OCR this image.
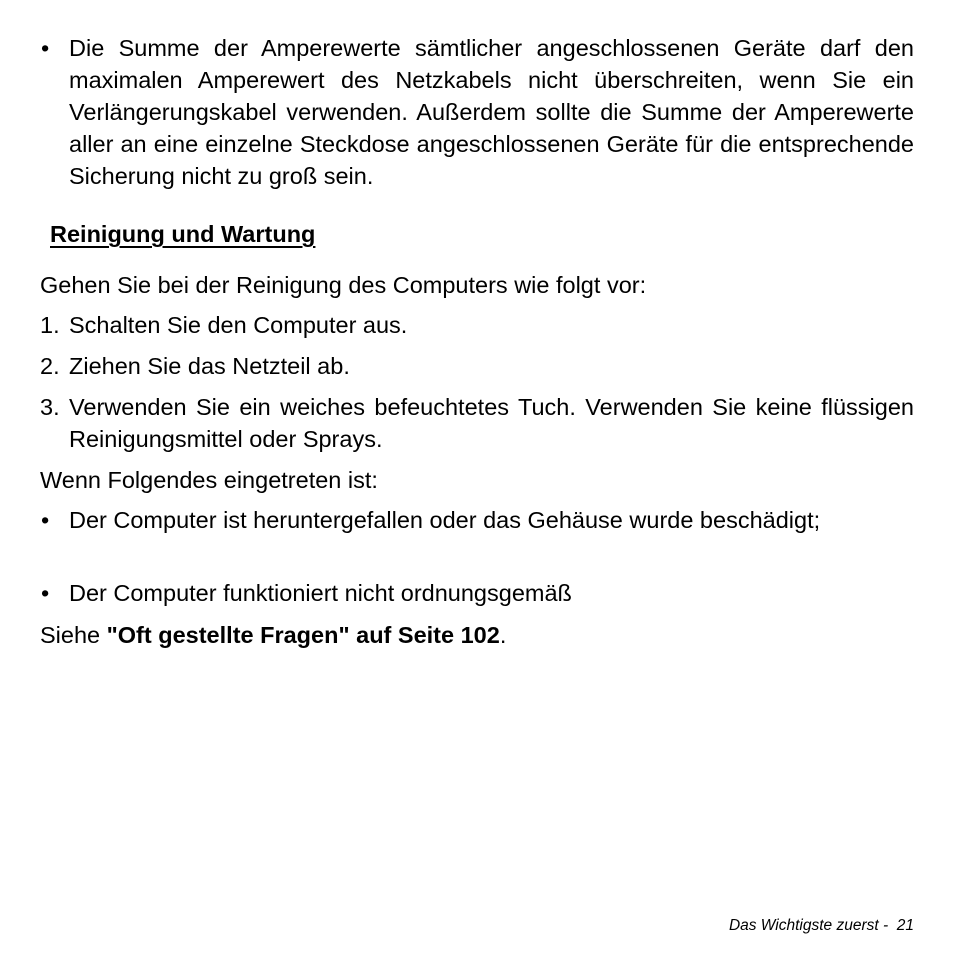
• Die Summe der Amperewerte sämtlicher angeschlossenen Geräte darf den maximalen Amperewert des Netzkabels nicht überschreiten, wenn Sie ein Verlängerungskabel verwenden. Außerdem sollte die Summe der Amperewerte aller an eine einzelne Steckdose angeschlossenen Geräte für die entsprechende Sicherung nicht zu groß sein.

Reinigung und Wartung

Gehen Sie bei der Reinigung des Computers wie folgt vor:

1. Schalten Sie den Computer aus.

2. Ziehen Sie das Netzteil ab.

3. Verwenden Sie ein weiches befeuchtetes Tuch. Verwenden Sie keine flüssigen Reinigungsmittel oder Sprays.

Wenn Folgendes eingetreten ist:

• Der Computer ist heruntergefallen oder das Gehäuse wurde beschädigt;

• Der Computer funktioniert nicht ordnungsgemäß

Siehe "Oft gestellte Fragen" auf Seite 102.

Das Wichtigste zuerst -  21
